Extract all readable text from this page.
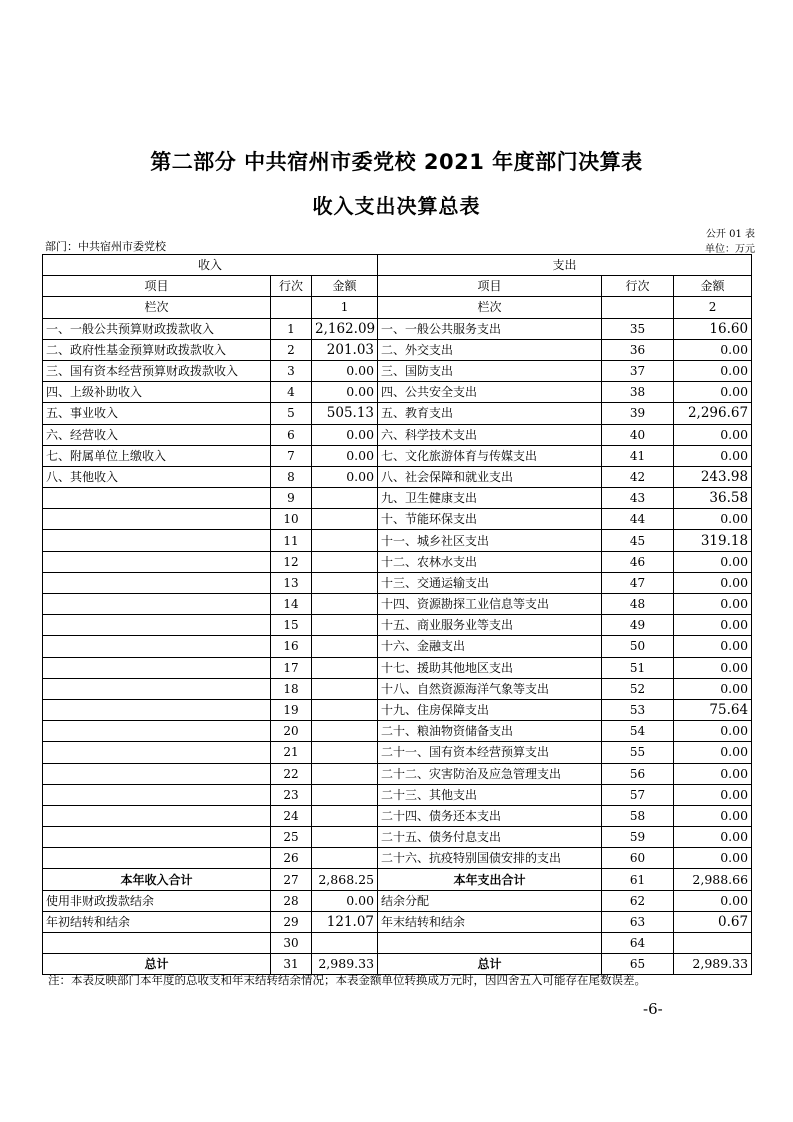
第二部分 中共宿州市委党校 2021 年度部门决算表
收入支出决算总表
公开 01 表
部门：中共宿州市委党校	单位：万元
收入			支出		
项目	行次	金额	项目	行次	金额
栏次		1	栏次		2
一、一般公共预算财政拨款收入	1	2,162.09	一、一般公共服务支出	35	16.60
二、政府性基金预算财政拨款收入	2	201.03	二、外交支出	36	0.00
三、国有资本经营预算财政拨款收入	3	0.00	三、国防支出	37	0.00
四、上级补助收入	4	0.00	四、公共安全支出	38	0.00
五、事业收入	5	505.13	五、教育支出	39	2,296.67
六、经营收入	6	0.00	六、科学技术支出	40	0.00
七、附属单位上缴收入	7	0.00	七、文化旅游体育与传媒支出	41	0.00
八、其他收入	8	0.00	八、社会保障和就业支出	42	243.98
	9		九、卫生健康支出	43	36.58
	10		十、节能环保支出	44	0.00
	11		十一、城乡社区支出	45	319.18
	12		十二、农林水支出	46	0.00
	13		十三、交通运输支出	47	0.00
	14		十四、资源勘探工业信息等支出	48	0.00
	15		十五、商业服务业等支出	49	0.00
	16		十六、金融支出	50	0.00
	17		十七、援助其他地区支出	51	0.00
	18		十八、自然资源海洋气象等支出	52	0.00
	19		十九、住房保障支出	53	75.64
	20		二十、粮油物资储备支出	54	0.00
	21		二十一、国有资本经营预算支出	55	0.00
	22		二十二、灾害防治及应急管理支出	56	0.00
	23		二十三、其他支出	57	0.00
	24		二十四、债务还本支出	58	0.00
	25		二十五、债务付息支出	59	0.00
	26		二十六、抗疫特别国债安排的支出	60	0.00
本年收入合计	27	2,868.25	本年支出合计	61	2,988.66
使用非财政拨款结余	28	0.00	结余分配	62	0.00
年初结转和结余	29	121.07	年末结转和结余	63	0.67
	30			64	
总计	31	2,989.33	总计	65	2,989.33
注：本表反映部门本年度的总收支和年末结转结余情况；本表金额单位转换成万元时，因四舍五入可能存在尾数误差。
-6-
